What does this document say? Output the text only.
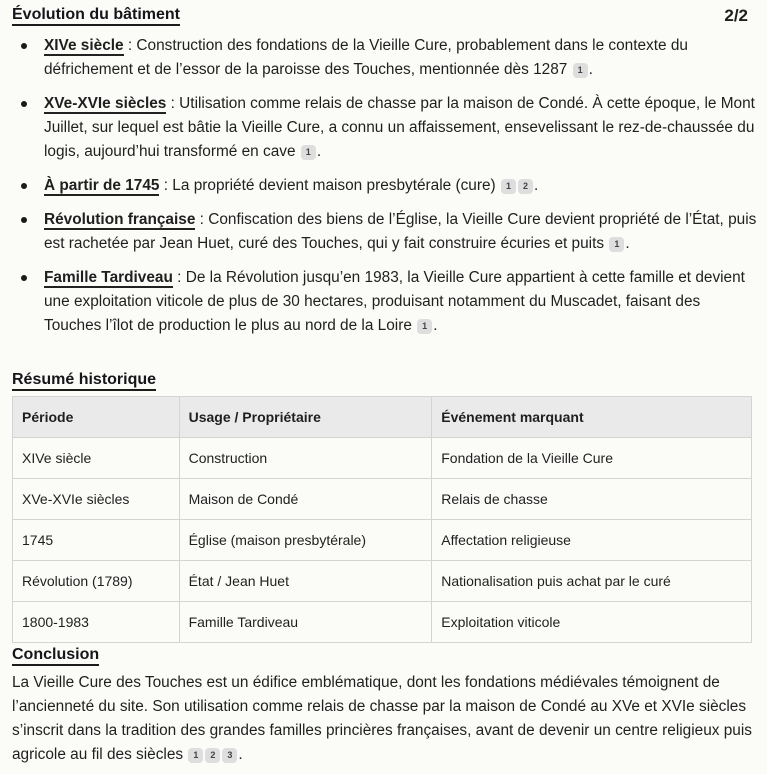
Évolution du bâtiment	2/2
XIVe siècle : Construction des fondations de la Vieille Cure, probablement dans le contexte du défrichement et de l’essor de la paroisse des Touches, mentionnée dès 1287 1 .
XVe-XVIe siècles : Utilisation comme relais de chasse par la maison de Condé. À cette époque, le Mont Juillet, sur lequel est bâtie la Vieille Cure, a connu un affaissement, ensevelissant le rez-de-chaussée du logis, aujourd’hui transformé en cave 1 .
À partir de 1745 : La propriété devient maison presbytérale (cure) 1 2 .
Révolution française : Confiscation des biens de l’Église, la Vieille Cure devient propriété de l’État, puis est rachetée par Jean Huet, curé des Touches, qui y fait construire écuries et puits 1 .
Famille Tardiveau : De la Révolution jusqu’en 1983, la Vieille Cure appartient à cette famille et devient une exploitation viticole de plus de 30 hectares, produisant notamment du Muscadet, faisant des Touches l’îlot de production le plus au nord de la Loire 1 .
Résumé historique
Période	Usage / Propriétaire	Événement marquant
XIVe siècle	Construction	Fondation de la Vieille Cure
XVe-XVIe siècles	Maison de Condé	Relais de chasse
1745	Église (maison presbytérale)	Affectation religieuse
Révolution (1789)	État / Jean Huet	Nationalisation puis achat par le curé
1800-1983	Famille Tardiveau	Exploitation viticole
Conclusion

La Vieille Cure des Touches est un édifice emblématique, dont les fondations médiévales témoignent de l’ancienneté du site. Son utilisation comme relais de chasse par la maison de Condé au XVe et XVIe siècles s’inscrit dans la tradition des grandes familles princières françaises, avant de devenir un centre religieux puis agricole au fil des siècles 1 2 3 .
